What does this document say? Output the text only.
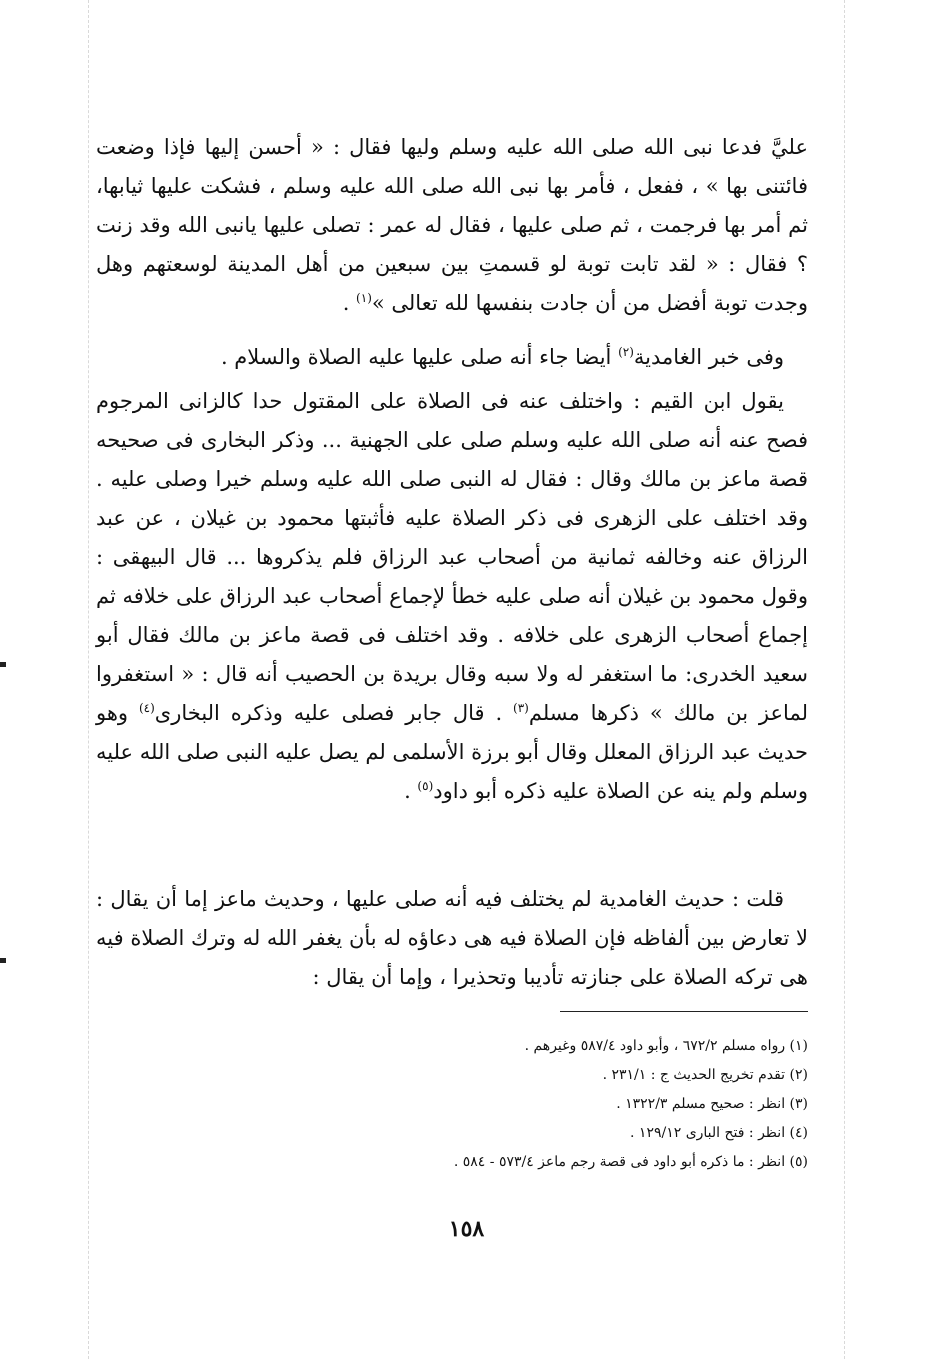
عليَّ فدعا نبى الله صلى الله عليه وسلم وليها فقال : « أحسن إليها فإذا وضعت فائتنى بها » ، ففعل ، فأمر بها نبى الله صلى الله عليه وسلم ، فشكت عليها ثيابها، ثم أمر بها فرجمت ، ثم صلى عليها ، فقال له عمر : تصلى عليها يانبى الله وقد زنت ؟ فقال : « لقد تابت توبة لو قسمتِ بين سبعين من أهل المدينة لوسعتهم وهل وجدت توبة أفضل من أن جادت بنفسها لله تعالى »$^{(١)}$ .

وفى خبر الغامدية$^{(٢)}$ أيضا جاء أنه صلى عليها عليه الصلاة والسلام .

يقول ابن القيم : واختلف عنه فى الصلاة على المقتول حدا كالزانى المرجوم فصح عنه أنه صلى الله عليه وسلم صلى على الجهنية ... وذكر البخارى فى صحيحه قصة ماعز بن مالك وقال : فقال له النبى صلى الله عليه وسلم خيرا وصلى عليه . وقد اختلف على الزهرى فى ذكر الصلاة عليه فأثبتها محمود بن غيلان ، عن عبد الرزاق عنه وخالفه ثمانية من أصحاب عبد الرزاق فلم يذكروها ... قال البيهقى : وقول محمود بن غيلان أنه صلى عليه خطأ لإجماع أصحاب عبد الرزاق على خلافه ثم إجماع أصحاب الزهرى على خلافه . وقد اختلف فى قصة ماعز بن مالك فقال أبو سعيد الخدرى: ما استغفر له ولا سبه وقال بريدة بن الحصيب أنه قال : « استغفروا لماعز بن مالك » ذكرها مسلم$^{(٣)}$ . قال جابر فصلى عليه وذكره البخارى$^{(٤)}$ وهو حديث عبد الرزاق المعلل وقال أبو برزة الأسلمى لم يصل عليه النبى صلى الله عليه وسلم ولم ينه عن الصلاة عليه ذكره أبو داود$^{(٥)}$ .

قلت : حديث الغامدية لم يختلف فيه أنه صلى عليها ، وحديث ماعز إما أن يقال : لا تعارض بين ألفاظه فإن الصلاة فيه هى دعاؤه له بأن يغفر الله له وترك الصلاة فيه هى تركه الصلاة على جنازته تأديبا وتحذيرا ، وإما أن يقال :

(١) رواه مسلم ٦٧٢/٢ ، وأبو داود ٥٨٧/٤ وغيرهم .

(٢) تقدم تخريج الحديث ج : ٢٣١/١ .

(٣) انظر : صحيح مسلم ١٣٢٢/٣ .

(٤) انظر : فتح البارى ١٢٩/١٢ .

(٥) انظر : ما ذكره أبو داود فى قصة رجم ماعز ٥٧٣/٤ - ٥٨٤ .

١٥٨
